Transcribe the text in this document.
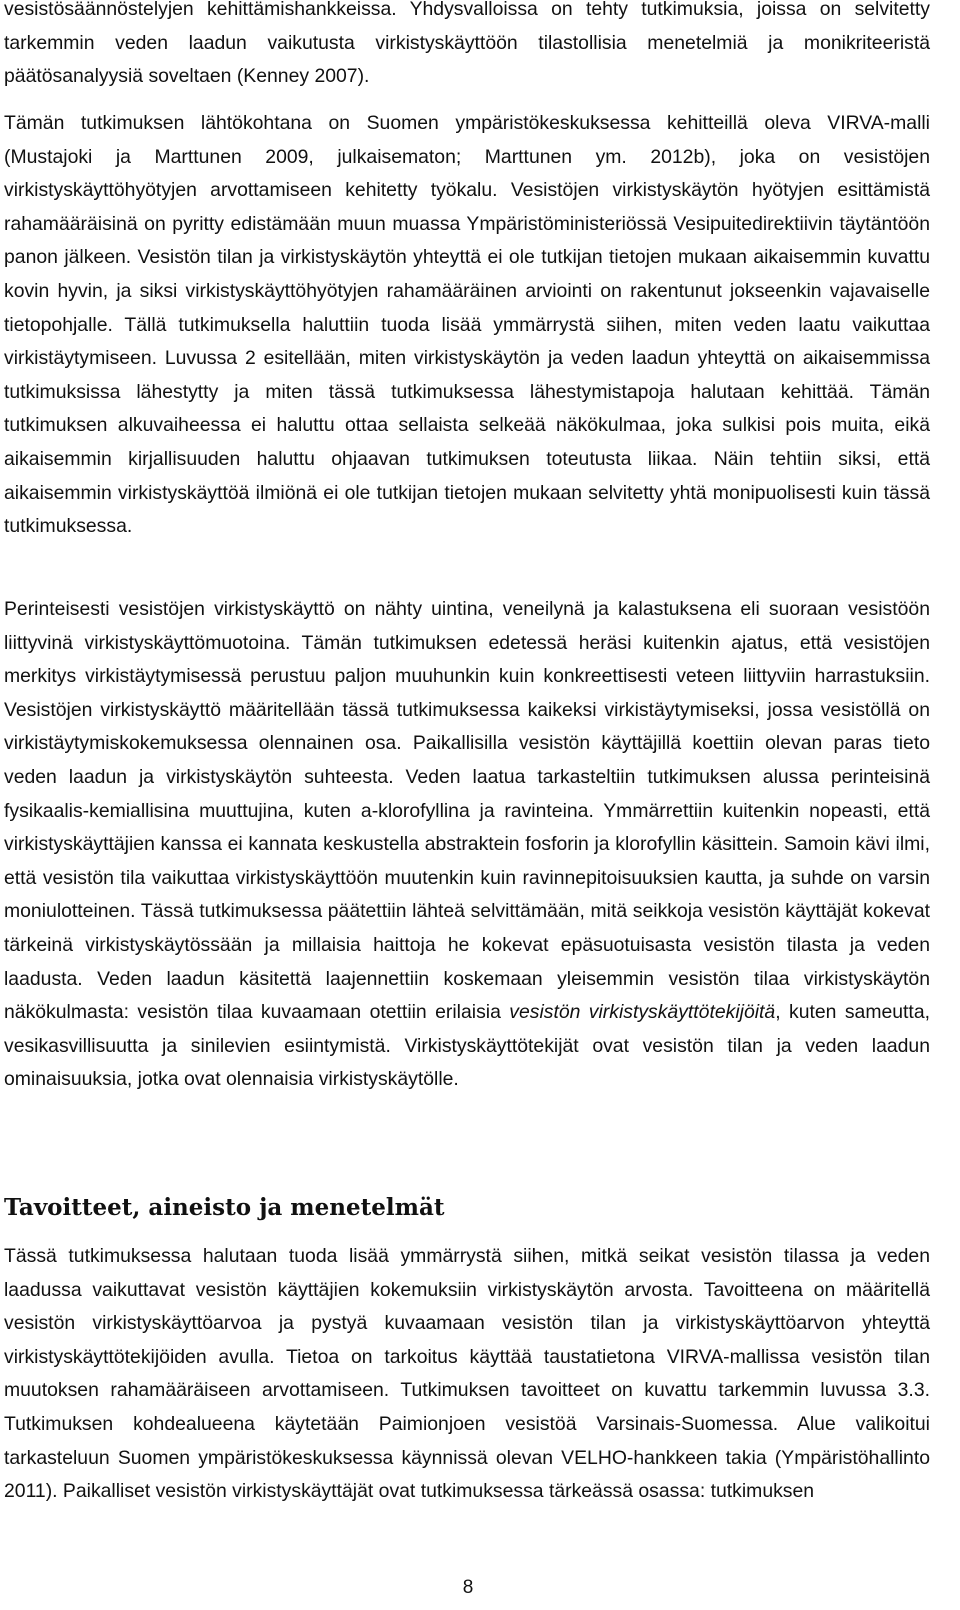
vesistösäännöstelyjen kehittämishankkeissa. Yhdysvalloissa on tehty tutkimuksia, joissa on selvitetty tarkemmin veden laadun vaikutusta virkistyskäyttöön tilastollisia menetelmiä ja monikriteeristä päätösanalyysiä soveltaen (Kenney 2007).

Tämän tutkimuksen lähtökohtana on Suomen ympäristökeskuksessa kehitteillä oleva VIRVA-malli (Mustajoki ja Marttunen 2009, julkaisematon; Marttunen ym. 2012b), joka on vesistöjen virkistyskäyttöhyötyjen arvottamiseen kehitetty työkalu. Vesistöjen virkistyskäytön hyötyjen esittämistä rahamääräisinä on pyritty edistämään muun muassa Ympäristöministeriössä Vesipuitedirektiivin täytäntöön panon jälkeen. Vesistön tilan ja virkistyskäytön yhteyttä ei ole tutkijan tietojen mukaan aikaisemmin kuvattu kovin hyvin, ja siksi virkistyskäyttöhyötyjen rahamääräinen arviointi on rakentunut jokseenkin vajavaiselle tietopohjalle. Tällä tutkimuksella haluttiin tuoda lisää ymmärrystä siihen, miten veden laatu vaikuttaa virkistäytymiseen. Luvussa 2 esitellään, miten virkistyskäytön ja veden laadun yhteyttä on aikaisemmissa tutkimuksissa lähestytty ja miten tässä tutkimuksessa lähestymistapoja halutaan kehittää. Tämän tutkimuksen alkuvaiheessa ei haluttu ottaa sellaista selkeää näkökulmaa, joka sulkisi pois muita, eikä aikaisemmin kirjallisuuden haluttu ohjaavan tutkimuksen toteutusta liikaa. Näin tehtiin siksi, että aikaisemmin virkistyskäyttöä ilmiönä ei ole tutkijan tietojen mukaan selvitetty yhtä monipuolisesti kuin tässä tutkimuksessa.

Perinteisesti vesistöjen virkistyskäyttö on nähty uintina, veneilynä ja kalastuksena eli suoraan vesistöön liittyvinä virkistyskäyttömuotoina. Tämän tutkimuksen edetessä heräsi kuitenkin ajatus, että vesistöjen merkitys virkistäytymisessä perustuu paljon muuhunkin kuin konkreettisesti veteen liittyviin harrastuksiin. Vesistöjen virkistyskäyttö määritellään tässä tutkimuksessa kaikeksi virkistäytymiseksi, jossa vesistöllä on virkistäytymiskokemuksessa olennainen osa. Paikallisilla vesistön käyttäjillä koettiin olevan paras tieto veden laadun ja virkistyskäytön suhteesta. Veden laatua tarkasteltiin tutkimuksen alussa perinteisinä fysikaalis-kemiallisina muuttujina, kuten a-klorofyllina ja ravinteina. Ymmärrettiin kuitenkin nopeasti, että virkistyskäyttäjien kanssa ei kannata keskustella abstraktein fosforin ja klorofyllin käsittein. Samoin kävi ilmi, että vesistön tila vaikuttaa virkistyskäyttöön muutenkin kuin ravinnepitoisuuksien kautta, ja suhde on varsin moniulotteinen. Tässä tutkimuksessa päätettiin lähteä selvittämään, mitä seikkoja vesistön käyttäjät kokevat tärkeinä virkistyskäytössään ja millaisia haittoja he kokevat epäsuotuisasta vesistön tilasta ja veden laadusta. Veden laadun käsitettä laajennettiin koskemaan yleisemmin vesistön tilaa virkistyskäytön näkökulmasta: vesistön tilaa kuvaamaan otettiin erilaisia vesistön virkistyskäyttötekijöitä, kuten sameutta, vesikasvillisuutta ja sinilevien esiintymistä. Virkistyskäyttötekijät ovat vesistön tilan ja veden laadun ominaisuuksia, jotka ovat olennaisia virkistyskäytölle.

Tavoitteet, aineisto ja menetelmät

Tässä tutkimuksessa halutaan tuoda lisää ymmärrystä siihen, mitkä seikat vesistön tilassa ja veden laadussa vaikuttavat vesistön käyttäjien kokemuksiin virkistyskäytön arvosta. Tavoitteena on määritellä vesistön virkistyskäyttöarvoa ja pystyä kuvaamaan vesistön tilan ja virkistyskäyttöarvon yhteyttä virkistyskäyttötekijöiden avulla. Tietoa on tarkoitus käyttää taustatietona VIRVA-mallissa vesistön tilan muutoksen rahamääräiseen arvottamiseen. Tutkimuksen tavoitteet on kuvattu tarkemmin luvussa 3.3. Tutkimuksen kohdealueena käytetään Paimionjoen vesistöä Varsinais-Suomessa. Alue valikoitui tarkasteluun Suomen ympäristökeskuksessa käynnissä olevan VELHO-hankkeen takia (Ympäristöhallinto 2011). Paikalliset vesistön virkistyskäyttäjät ovat tutkimuksessa tärkeässä osassa: tutkimuksen

8
